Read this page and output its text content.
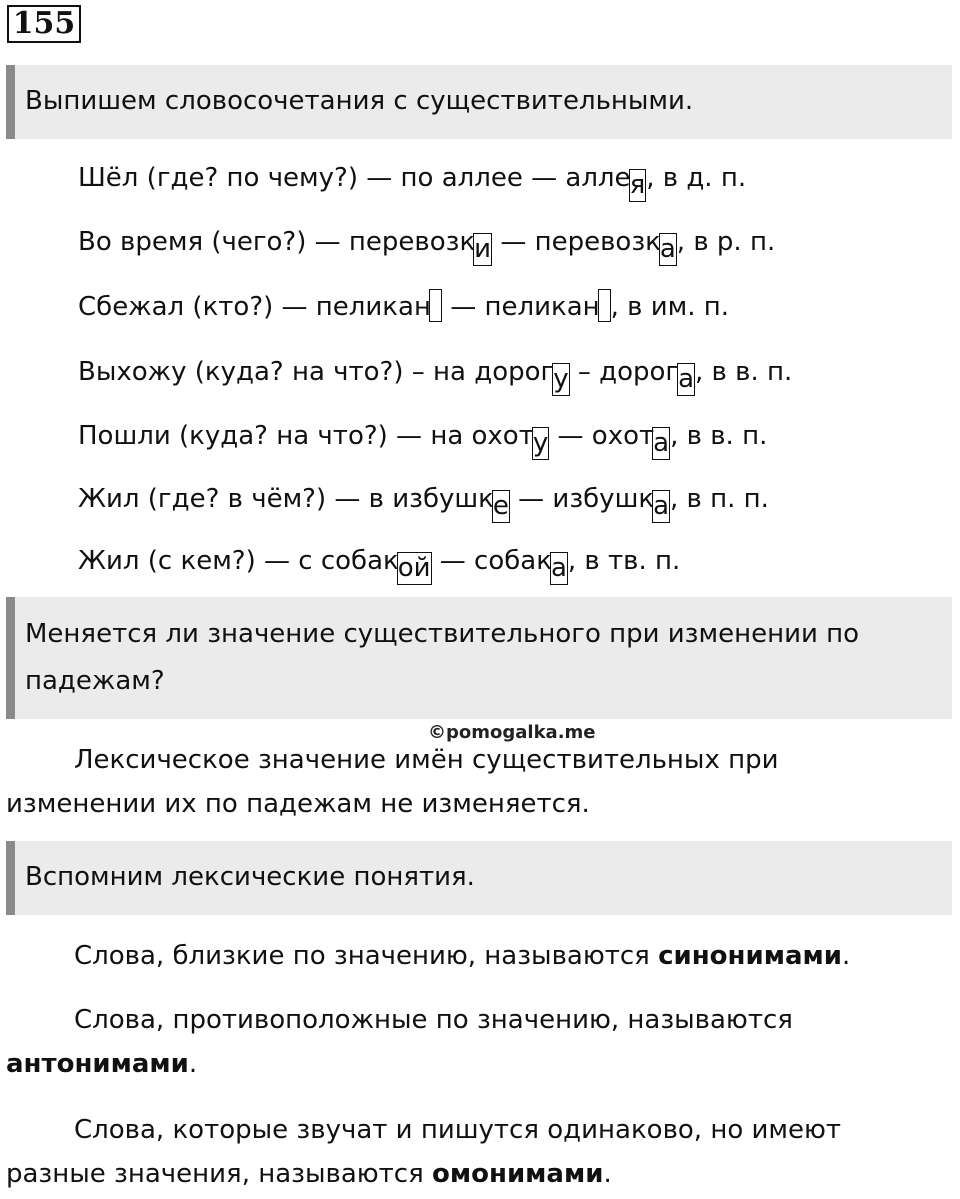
155
Выпишем словосочетания с существительными.
Шёл (где? по чему?) — по аллее — аллея, в д. п.
Во время (чего?) — перевозки — перевозка, в р. п.
Сбежал (кто?) — пеликан — пеликан , в им. п.
Выхожу (куда? на что?) – на дорогу – дорога, в в. п.
Пошли (куда? на что?) — на охоту — охота, в в. п.
Жил (где? в чём?) — в избушке — избушка, в п. п.
Жил (с кем?) — с собакой — собака, в тв. п.
Меняется ли значение существительного при изменении по падежам?
©pomogalka.me
Лексическое значение имён существительных при изменении их по падежам не изменяется.
Вспомним лексические понятия.
Слова, близкие по значению, называются синонимами.
Слова, противоположные по значению, называются антонимами.
Слова, которые звучат и пишутся одинаково, но имеют разные значения, называются омонимами.
